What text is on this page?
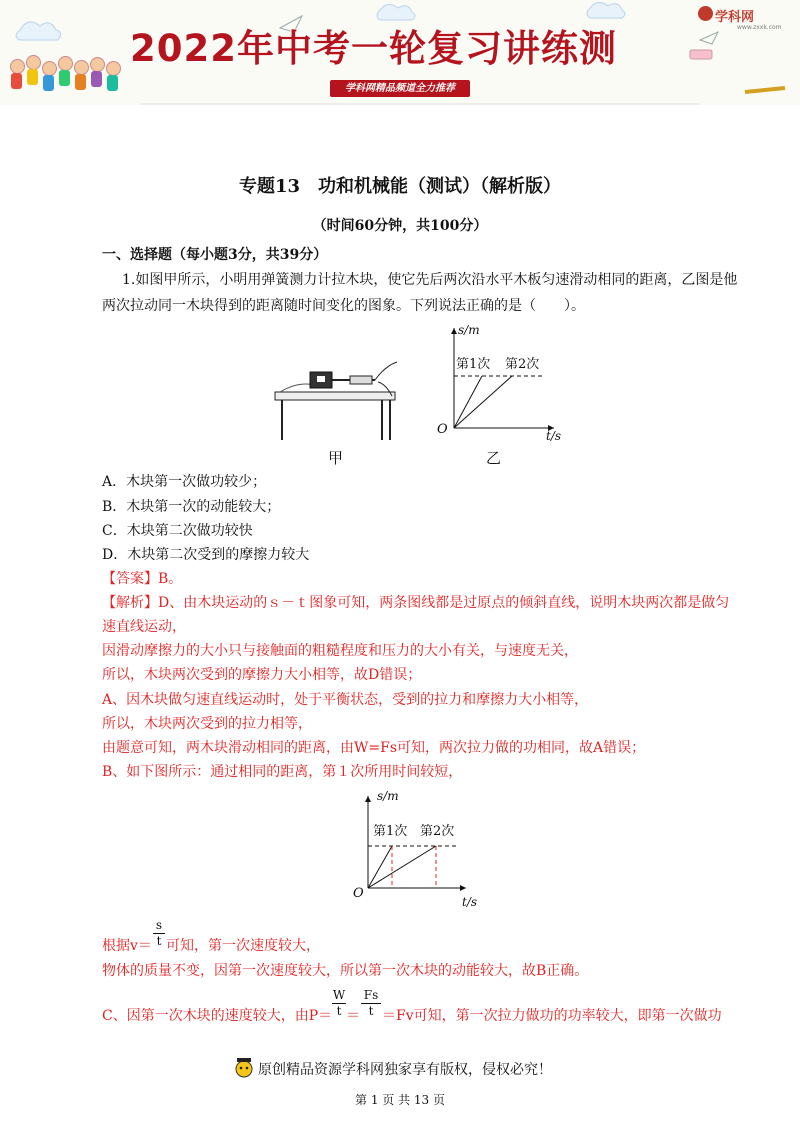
2022年中考一轮复习讲练测
学科网精品频道全力推荐
学科网
www.zxxk.com
专题13　功和机械能（测试）（解析版）
（时间60分钟，共100分）
一、选择题（每小题3分，共39分）
1.如图甲所示，小明用弹簧测力计拉木块，使它先后两次沿水平木板匀速滑动相同的距离，乙图是他
两次拉动同一木块得到的距离随时间变化的图象。下列说法正确的是（　　）。
甲
s/m
第1次 第2次
O	t/s
乙
A．木块第一次做功较少；
B．木块第一次的动能较大；
C．木块第二次做功较快
D．木块第二次受到的摩擦力较大
【答案】B。
【解析】D、由木块运动的ｓ－ｔ图象可知，两条图线都是过原点的倾斜直线，说明木块两次都是做匀
速直线运动，
因滑动摩擦力的大小只与接触面的粗糙程度和压力的大小有关，与速度无关，
所以，木块两次受到的摩擦力大小相等，故D错误；
A、因木块做匀速直线运动时，处于平衡状态，受到的拉力和摩擦力大小相等，
所以，木块两次受到的拉力相等，
由题意可知，两木块滑动相同的距离，由W=Fs可知，两次拉力做的功相同，故A错误；
B、如下图所示：通过相同的距离，第１次所用时间较短，
s/m
第1次 第2次
O
t/s
根据v＝
s
t 可知，第一次速度较大，
物体的质量不变，因第一次速度较大，所以第一次木块的动能较大，故B正确。
C、因第一次木块的速度较大，由P＝
W
t ＝
Fs
t ＝Fv可知，第一次拉力做功的功率较大，即第一次做功
原创精品资源学科网独家享有版权，侵权必究！
第 1 页 共 13 页
